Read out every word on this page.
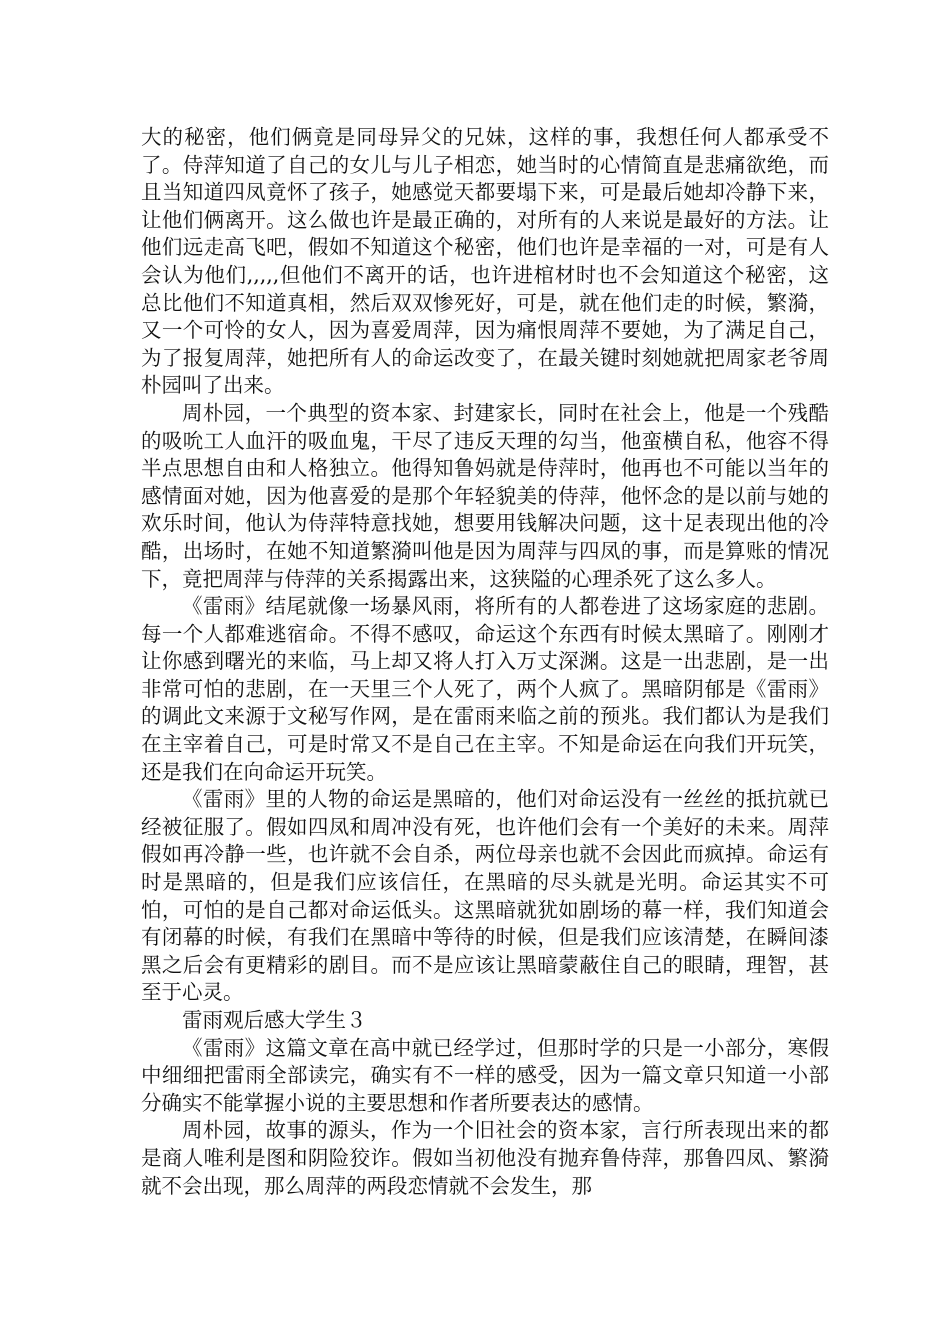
大的秘密，他们俩竟是同母异父的兄妹，这样的事，我想任何人都承受不了。侍萍知道了自己的女儿与儿子相恋，她当时的心情简直是悲痛欲绝，而且当知道四凤竟怀了孩子，她感觉天都要塌下来，可是最后她却冷静下来，让他们俩离开。这么做也许是最正确的，对所有的人来说是最好的方法。让他们远走高飞吧，假如不知道这个秘密，他们也许是幸福的一对，可是有人会认为他们,,,,,但他们不离开的话，也许进棺材时也不会知道这个秘密，这总比他们不知道真相，然后双双惨死好，可是，就在他们走的时候，繁漪，又一个可怜的女人，因为喜爱周萍，因为痛恨周萍不要她，为了满足自己，为了报复周萍，她把所有人的命运改变了，在最关键时刻她就把周家老爷周朴园叫了出来。

周朴园，一个典型的资本家、封建家长，同时在社会上，他是一个残酷的吸吮工人血汗的吸血鬼，干尽了违反天理的勾当，他蛮横自私，他容不得半点思想自由和人格独立。他得知鲁妈就是侍萍时，他再也不可能以当年的感情面对她，因为他喜爱的是那个年轻貌美的侍萍，他怀念的是以前与她的欢乐时间，他认为侍萍特意找她，想要用钱解决问题，这十足表现出他的冷酷，出场时，在她不知道繁漪叫他是因为周萍与四凤的事，而是算账的情况下，竟把周萍与侍萍的关系揭露出来，这狭隘的心理杀死了这么多人。

《雷雨》结尾就像一场暴风雨，将所有的人都卷进了这场家庭的悲剧。每一个人都难逃宿命。不得不感叹，命运这个东西有时候太黑暗了。刚刚才让你感到曙光的来临，马上却又将人打入万丈深渊。这是一出悲剧，是一出非常可怕的悲剧，在一天里三个人死了，两个人疯了。黑暗阴郁是《雷雨》的调此文来源于文秘写作网，是在雷雨来临之前的预兆。我们都认为是我们在主宰着自己，可是时常又不是自己在主宰。不知是命运在向我们开玩笑，还是我们在向命运开玩笑。

《雷雨》里的人物的命运是黑暗的，他们对命运没有一丝丝的抵抗就已经被征服了。假如四凤和周冲没有死，也许他们会有一个美好的未来。周萍假如再冷静一些，也许就不会自杀，两位母亲也就不会因此而疯掉。命运有时是黑暗的，但是我们应该信任，在黑暗的尽头就是光明。命运其实不可怕，可怕的是自己都对命运低头。这黑暗就犹如剧场的幕一样，我们知道会有闭幕的时候，有我们在黑暗中等待的时候，但是我们应该清楚，在瞬间漆黑之后会有更精彩的剧目。而不是应该让黑暗蒙蔽住自己的眼睛，理智，甚至于心灵。

雷雨观后感大学生３

《雷雨》这篇文章在高中就已经学过，但那时学的只是一小部分，寒假中细细把雷雨全部读完，确实有不一样的感受，因为一篇文章只知道一小部分确实不能掌握小说的主要思想和作者所要表达的感情。

周朴园，故事的源头，作为一个旧社会的资本家，言行所表现出来的都是商人唯利是图和阴险狡诈。假如当初他没有抛弃鲁侍萍，那鲁四凤、繁漪就不会出现，那么周萍的两段恋情就不会发生，那
